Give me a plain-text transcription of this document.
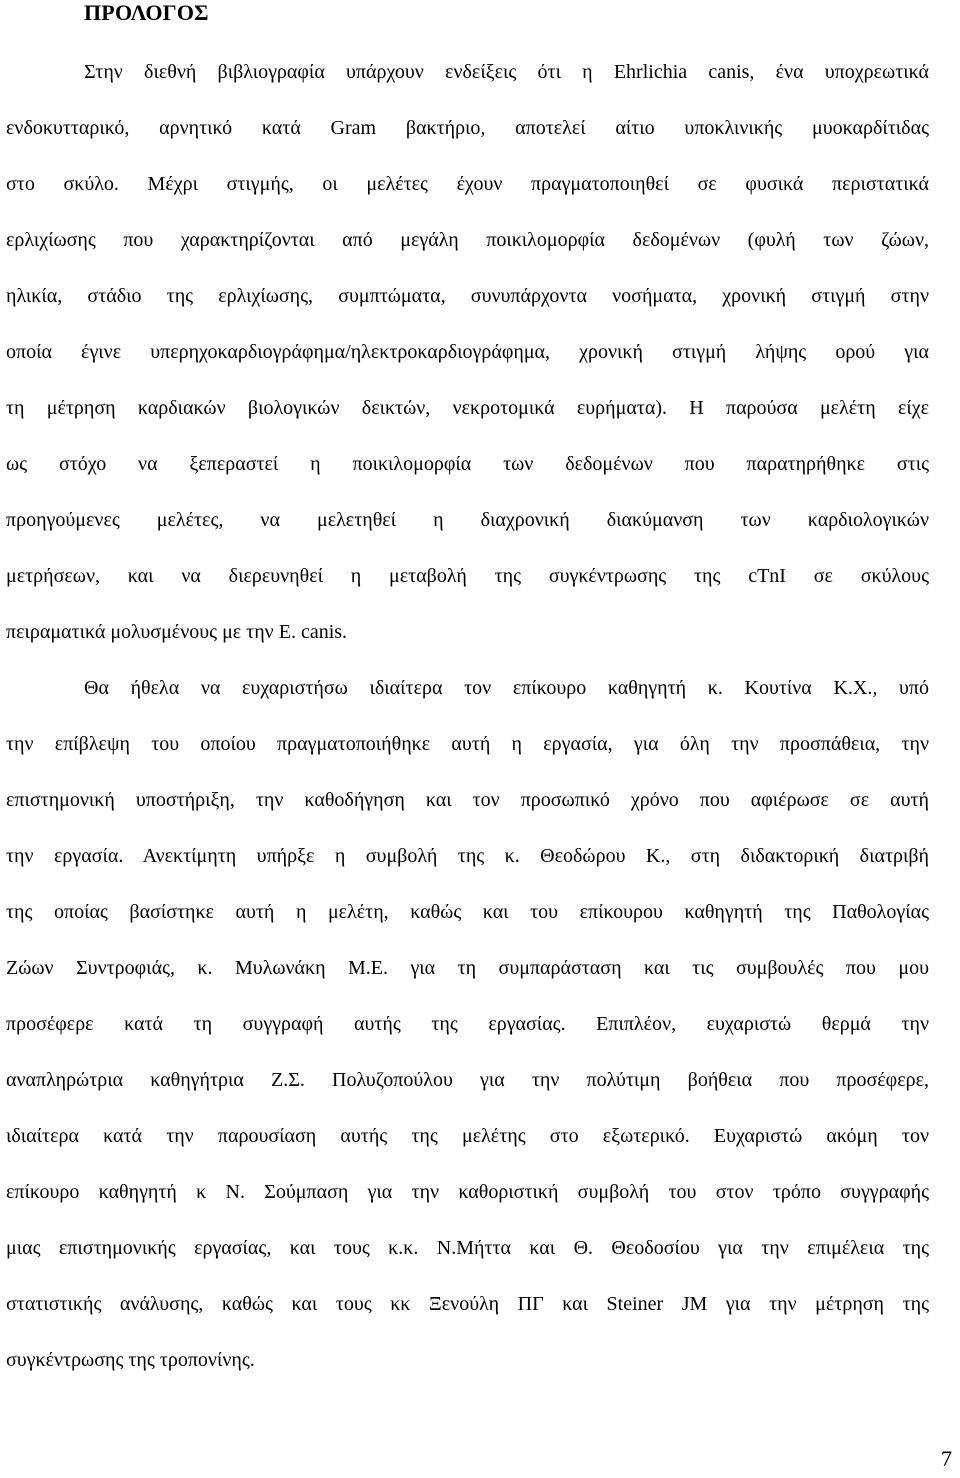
ΠΡΟΛΟΓΟΣ
Στην διεθνή βιβλιογραφία υπάρχουν ενδείξεις ότι η Ehrlichia canis, ένα υποχρεωτικά
ενδοκυτταρικό, αρνητικό κατά Gram βακτήριο, αποτελεί αίτιο υποκλινικής μυοκαρδίτιδας
στο σκύλο. Μέχρι στιγμής, οι μελέτες έχουν πραγματοποιηθεί σε φυσικά περιστατικά
ερλιχίωσης που χαρακτηρίζονται από μεγάλη ποικιλομορφία δεδομένων (φυλή των ζώων,
ηλικία, στάδιο της ερλιχίωσης, συμπτώματα, συνυπάρχοντα νοσήματα, χρονική στιγμή στην
οποία έγινε υπερηχοκαρδιογράφημα/ηλεκτροκαρδιογράφημα, χρονική στιγμή λήψης ορού για
τη μέτρηση καρδιακών βιολογικών δεικτών, νεκροτομικά ευρήματα). Η παρούσα μελέτη είχε
ως στόχο να ξεπεραστεί η ποικιλομορφία των δεδομένων που παρατηρήθηκε στις
προηγούμενες μελέτες, να μελετηθεί η διαχρονική διακύμανση των καρδιολογικών
μετρήσεων, και να διερευνηθεί η μεταβολή της συγκέντρωσης της cTnI σε σκύλους
πειραματικά μολυσμένους με την E. canis.
Θα ήθελα να ευχαριστήσω ιδιαίτερα τον επίκουρο καθηγητή κ. Κουτίνα Κ.Χ., υπό
την επίβλεψη του οποίου πραγματοποιήθηκε αυτή η εργασία, για όλη την προσπάθεια, την
επιστημονική υποστήριξη, την καθοδήγηση και τον προσωπικό χρόνο που αφιέρωσε σε αυτή
την εργασία. Ανεκτίμητη υπήρξε η συμβολή της κ. Θεοδώρου Κ., στη διδακτορική διατριβή
της οποίας βασίστηκε αυτή η μελέτη, καθώς και του επίκουρου καθηγητή της Παθολογίας
Ζώων Συντροφιάς, κ. Μυλωνάκη Μ.Ε. για τη συμπαράσταση και τις συμβουλές που μου
προσέφερε κατά τη συγγραφή αυτής της εργασίας. Επιπλέον, ευχαριστώ θερμά την
αναπληρώτρια καθηγήτρια Ζ.Σ. Πολυζοπούλου για την πολύτιμη βοήθεια που προσέφερε,
ιδιαίτερα κατά την παρουσίαση αυτής της μελέτης στο εξωτερικό. Ευχαριστώ ακόμη τον
επίκουρο καθηγητή κ Ν. Σούμπαση για την καθοριστική συμβολή του στον τρόπο συγγραφής
μιας επιστημονικής εργασίας, και τους κ.κ. Ν.Μήττα και Θ. Θεοδοσίου για την επιμέλεια της
στατιστικής ανάλυσης, καθώς και τους κκ Ξενούλη ΠΓ και Steiner JM για την μέτρηση της
συγκέντρωσης της τροπονίνης.
7
